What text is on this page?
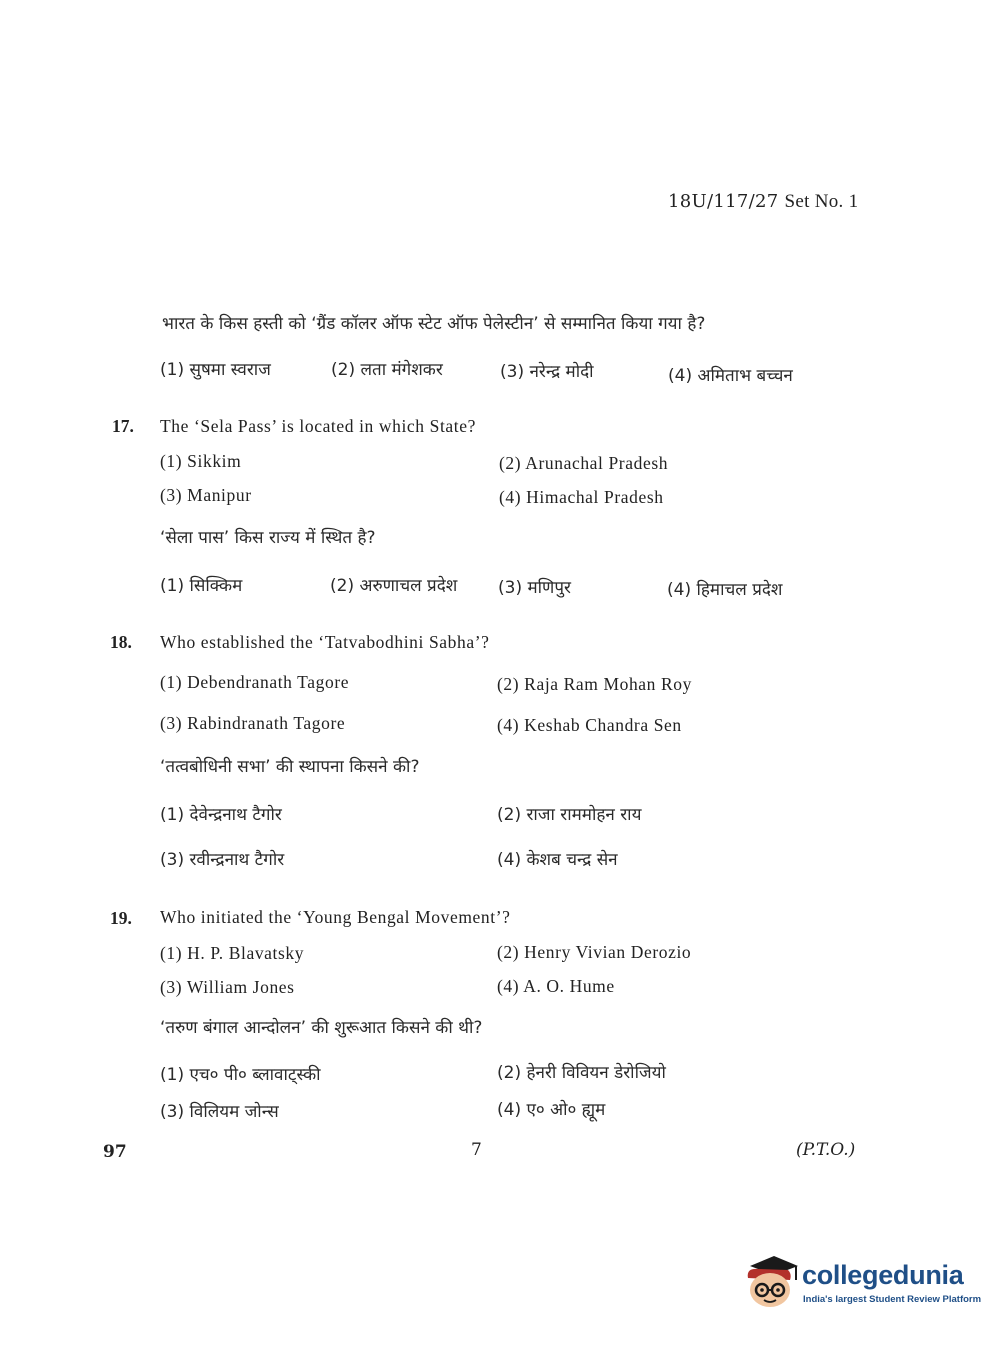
18U/117/27 Set No. 1
भारत के किस हस्ती को ‘ग्रैंड कॉलर ऑफ स्टेट ऑफ पेलेस्टीन’ से सम्मानित किया गया है?
(1) सुषमा स्वराज	(2) लता मंगेशकर	(3) नरेन्द्र मोदी	(4) अमिताभ बच्चन
17. The ‘Sela Pass’ is located in which State?
(1) Sikkim	(2) Arunachal Pradesh
(3) Manipur	(4) Himachal Pradesh
‘सेला पास’ किस राज्य में स्थित है?
(1) सिक्किम	(2) अरुणाचल प्रदेश (3) मणिपुर	(4) हिमाचल प्रदेश
18. Who established the ‘Tatvabodhini Sabha’?
(1) Debendranath Tagore	(2) Raja Ram Mohan Roy
(3) Rabindranath Tagore	(4) Keshab Chandra Sen
‘तत्वबोधिनी सभा’ की स्थापना किसने की?
(1) देवेन्द्रनाथ टैगोर	(2) राजा राममोहन राय
(3) रवीन्द्रनाथ टैगोर	(4) केशब चन्द्र सेन
19. Who initiated the ‘Young Bengal Movement’?
(1) H. P. Blavatsky	(2) Henry Vivian Derozio
(3) William Jones	(4) A. O. Hume
‘तरुण बंगाल आन्दोलन’ की शुरूआत किसने की थी?
(1) एच० पी० ब्लावाट्स्की	(2) हेनरी विवियन डेरोजियो
(3) विलियम जोन्स	(4) ए० ओ० ह्यूम
97	7	(P.T.O.)
collegedunia
India's largest Student Review Platform
